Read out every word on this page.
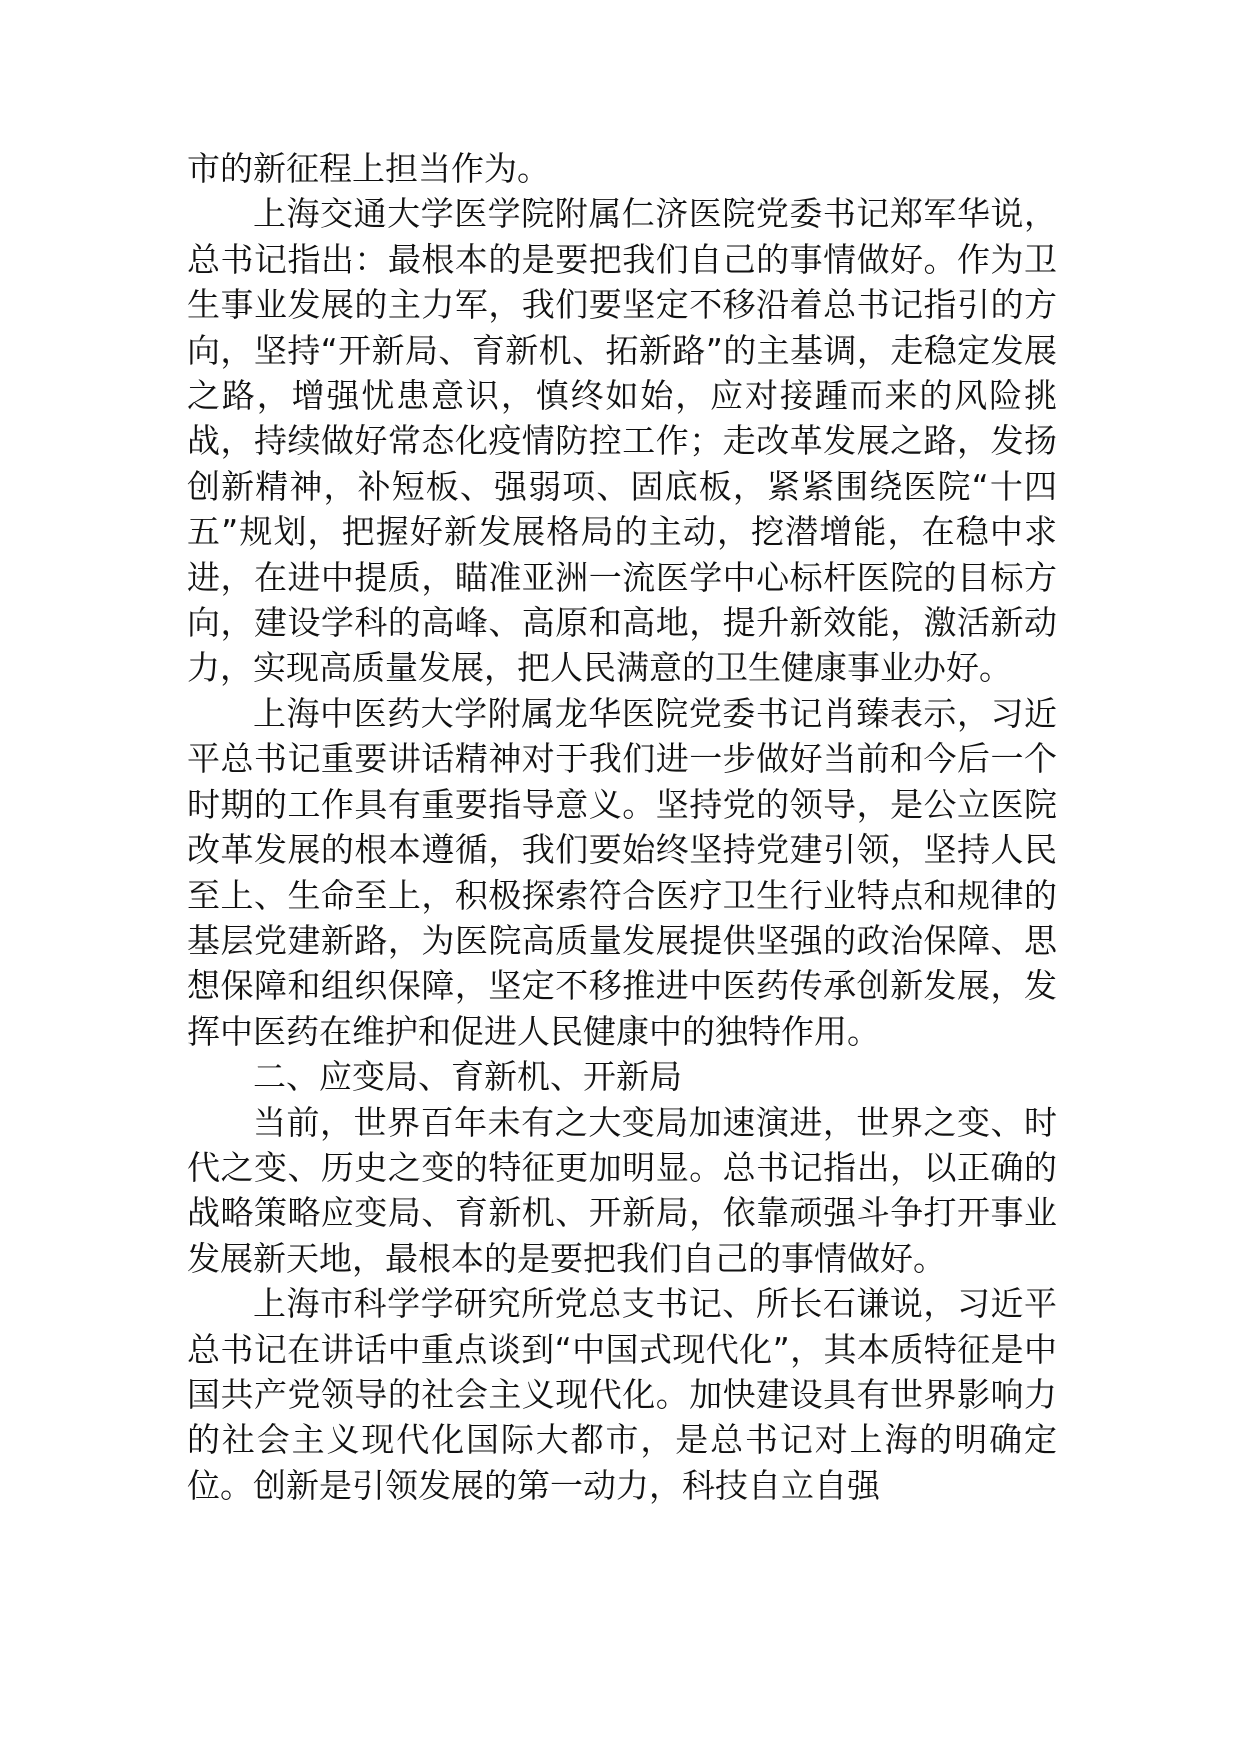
市的新征程上担当作为。

上海交通大学医学院附属仁济医院党委书记郑军华说，总书记指出：最根本的是要把我们自己的事情做好。作为卫生事业发展的主力军，我们要坚定不移沿着总书记指引的方向，坚持“开新局、育新机、拓新路”的主基调，走稳定发展之路，增强忧患意识，慎终如始，应对接踵而来的风险挑战，持续做好常态化疫情防控工作；走改革发展之路，发扬创新精神，补短板、强弱项、固底板，紧紧围绕医院“十四五”规划，把握好新发展格局的主动，挖潜增能，在稳中求进，在进中提质，瞄准亚洲一流医学中心标杆医院的目标方向，建设学科的高峰、高原和高地，提升新效能，激活新动力，实现高质量发展，把人民满意的卫生健康事业办好。

上海中医药大学附属龙华医院党委书记肖臻表示，习近平总书记重要讲话精神对于我们进一步做好当前和今后一个时期的工作具有重要指导意义。坚持党的领导，是公立医院改革发展的根本遵循，我们要始终坚持党建引领，坚持人民至上、生命至上，积极探索符合医疗卫生行业特点和规律的基层党建新路，为医院高质量发展提供坚强的政治保障、思想保障和组织保障，坚定不移推进中医药传承创新发展，发挥中医药在维护和促进人民健康中的独特作用。

二、应变局、育新机、开新局

当前，世界百年未有之大变局加速演进，世界之变、时代之变、历史之变的特征更加明显。总书记指出，以正确的战略策略应变局、育新机、开新局，依靠顽强斗争打开事业发展新天地，最根本的是要把我们自己的事情做好。

上海市科学学研究所党总支书记、所长石谦说，习近平总书记在讲话中重点谈到“中国式现代化”，其本质特征是中国共产党领导的社会主义现代化。加快建设具有世界影响力的社会主义现代化国际大都市，是总书记对上海的明确定位。创新是引领发展的第一动力，科技自立自强
